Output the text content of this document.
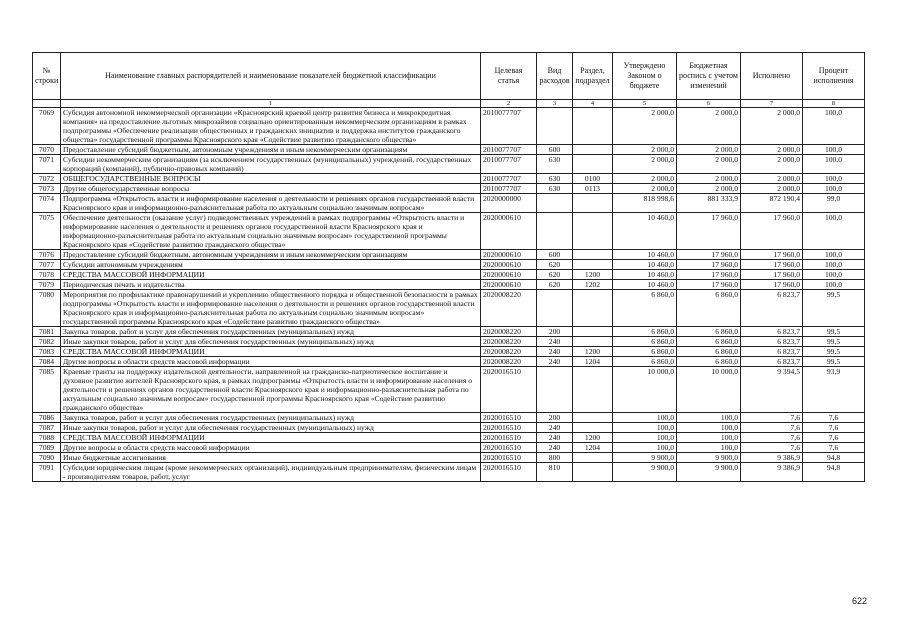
№ строки	Наименование главных распорядителей и наименование показателей бюджетной классификации	Целевая статья	Вид расходов	Раздел, подраздел	Утверждено Законом о бюджете	Бюджетная роспись с учетом изменений	Исполнено	Процент исполнения
	1	2	3	4	5	6	7	8
7069	Субсидия автономной некоммерческой организации «Красноярский краевой центр развития бизнеса и микрокредитная компания» на предоставление льготных микрозаймов социально ориентированным некоммерческим организациям в рамках подпрограммы «Обеспечение реализации общественных и гражданских инициатив и поддержка институтов гражданского общества» государственной программы Красноярского края «Содействие развитию гражданского общества»	2010077707			2 000,0	2 000,0	2 000,0	100,0
7070	Предоставление субсидий бюджетным, автономным учреждениям и иным некоммерческим организациям	2010077707	600		2 000,0	2 000,0	2 000,0	100,0
7071	Субсидии некоммерческим организациям (за исключением государственных (муниципальных) учреждений, государственных корпораций (компаний), публично-правовых компаний)	2010077707	630		2 000,0	2 000,0	2 000,0	100,0
7072	ОБЩЕГОСУДАРСТВЕННЫЕ ВОПРОСЫ	2010077707	630	0100	2 000,0	2 000,0	2 000,0	100,0
7073	Другие общегосударственные вопросы	2010077707	630	0113	2 000,0	2 000,0	2 000,0	100,0
7074	Подпрограмма «Открытость власти и информирование населения о деятельности и решениях органов государственной власти Красноярского края и информационно-разъяснительная работа по актуальным социально значимым вопросам»	2020000000			818 998,6	881 333,9	872 190,4	99,0
7075	Обеспечение деятельности (оказание услуг) подведомственных учреждений в рамках подпрограммы «Открытость власти и информирование населения о деятельности и решениях органов государственной власти Красноярского края и информационно-разъяснительная работа по актуальным социально значимым вопросам» государственной программы Красноярского края «Содействие развитию гражданского общества»	2020000610			10 460,0	17 960,0	17 960,0	100,0
7076	Предоставление субсидий бюджетным, автономным учреждениям и иным некоммерческим организациям	2020000610	600		10 460,0	17 960,0	17 960,0	100,0
7077	Субсидии автономным учреждениям	2020000610	620		10 460,0	17 960,0	17 960,0	100,0
7078	СРЕДСТВА МАССОВОЙ ИНФОРМАЦИИ	2020000610	620	1200	10 460,0	17 960,0	17 960,0	100,0
7079	Периодическая печать и издательства	2020000610	620	1202	10 460,0	17 960,0	17 960,0	100,0
7080	Мероприятия по профилактике правонарушений и укреплению общественного порядка и общественной безопасности в рамках подпрограммы «Открытость власти и информирование населения о деятельности и решениях органов государственной власти Красноярского края и информационно-разъяснительная работа по актуальным социально значимым вопросам» государственной программы Красноярского края «Содействие развитию гражданского общества»	2020008220			6 860,0	6 860,0	6 823,7	99,5
7081	Закупка товаров, работ и услуг для обеспечения государственных (муниципальных) нужд	2020008220	200		6 860,0	6 860,0	6 823,7	99,5
7082	Иные закупки товаров, работ и услуг для обеспечения государственных (муниципальных) нужд	2020008220	240		6 860,0	6 860,0	6 823,7	99,5
7083	СРЕДСТВА МАССОВОЙ ИНФОРМАЦИИ	2020008220	240	1200	6 860,0	6 860,0	6 823,7	99,5
7084	Другие вопросы в области средств массовой информации	2020008220	240	1204	6 860,0	6 860,0	6 823,7	99,5
7085	Краевые гранты на поддержку издательской деятельности, направленной на гражданско-патриотическое воспитание и духовное развитие жителей Красноярского края, в рамках подпрограммы «Открытость власти и информирование населения о деятельности и решениях органов государственной власти Красноярского края и информационно-разъяснительная работа по актуальным социально значимым вопросам» государственной программы Красноярского края «Содействие развитию гражданского общества»	2020016510			10 000,0	10 000,0	9 394,5	93,9
7086	Закупка товаров, работ и услуг для обеспечения государственных (муниципальных) нужд	2020016510	200		100,0	100,0	7,6	7,6
7087	Иные закупки товаров, работ и услуг для обеспечения государственных (муниципальных) нужд	2020016510	240		100,0	100,0	7,6	7,6
7088	СРЕДСТВА МАССОВОЙ ИНФОРМАЦИИ	2020016510	240	1200	100,0	100,0	7,6	7,6
7089	Другие вопросы в области средств массовой информации	2020016510	240	1204	100,0	100,0	7,6	7,6
7090	Иные бюджетные ассигнования	2020016510	800		9 900,0	9 900,0	9 386,9	94,8
7091	Субсидии юридическим лицам (кроме некоммерческих организаций), индивидуальным предпринимателям, физическим лицам - производителям товаров, работ, услуг	2020016510	810		9 900,0	9 900,0	9 386,9	94,8
622
